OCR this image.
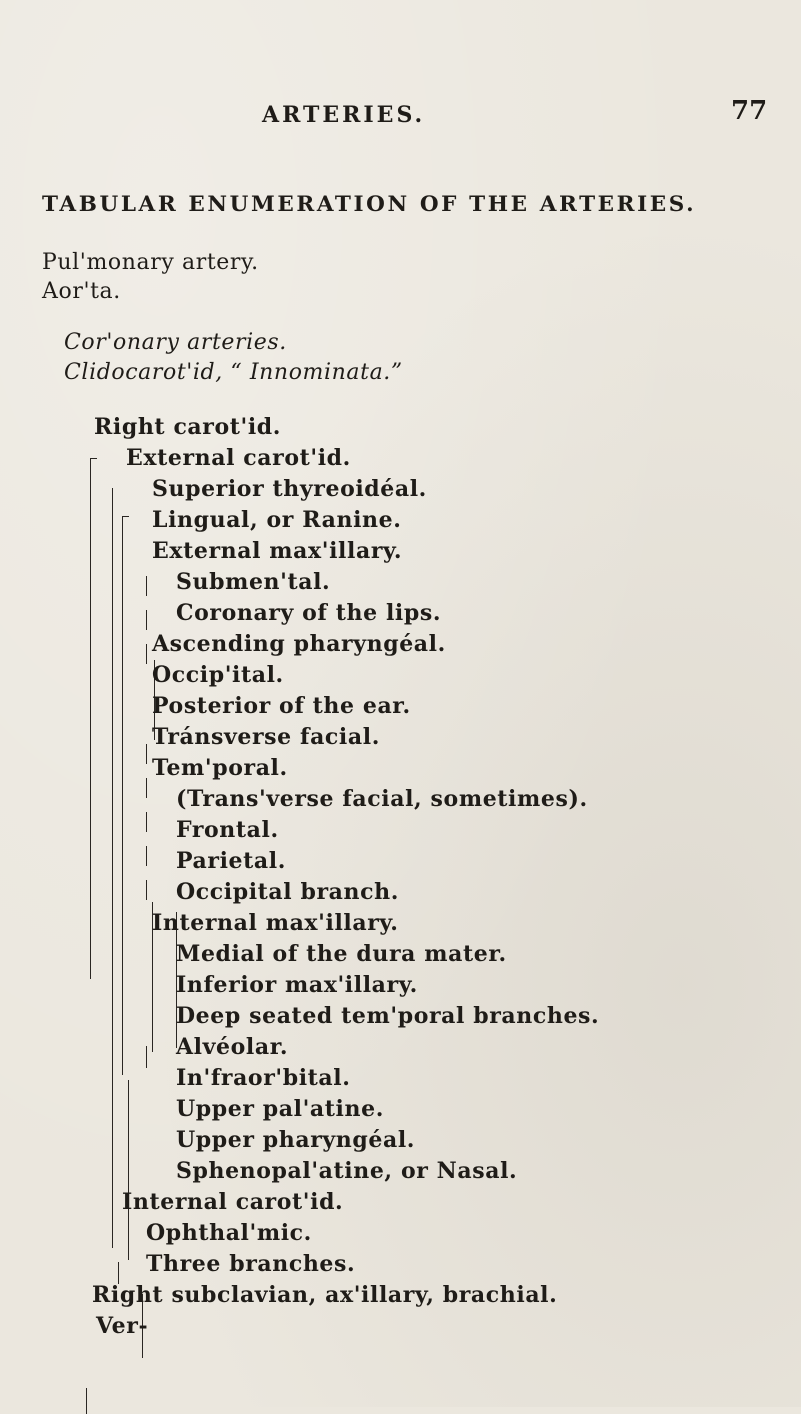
ARTERIES.	77
TABULAR ENUMERATION OF THE ARTERIES.
Pul'monary artery.
Aor'ta.
Cor'onary arteries.
Clidocarot'id, “ Innominata.”
Right carot'id.
External carot'id.
Superior thyreoidéal.
Lingual, or Ranine.
External max'illary.
Submen'tal.
Coronary of the lips.
Ascending pharyngéal.
Occip'ital.
Posterior of the ear.
Tránsverse facial.
Tem'poral.
(Trans'verse facial, sometimes).
Frontal.
Parietal.
Occipital branch.
Internal max'illary.
Medial of the dura mater.
Inferior max'illary.
Deep seated tem'poral branches.
Alvéolar.
In'fraor'bital.
Upper pal'atine.
Upper pharyngéal.
Sphenopal'atine, or Nasal.
Internal carot'id.
Ophthal'mic.
Three branches.
Right subclavian, ax'illary, brachial.
Ver-
